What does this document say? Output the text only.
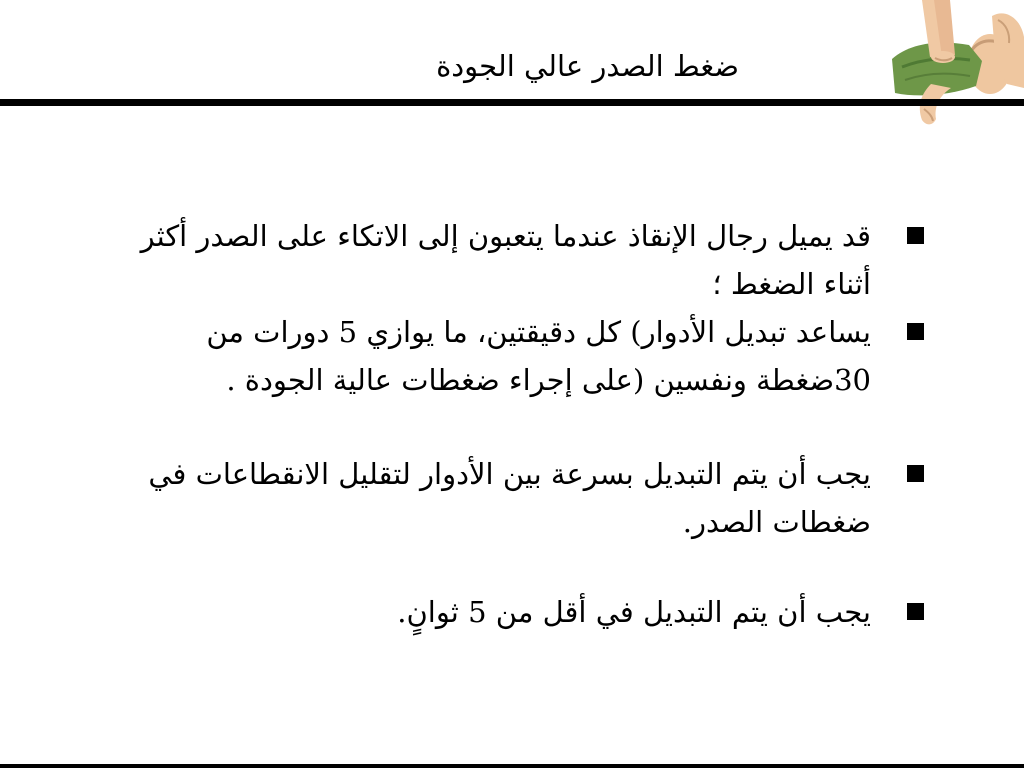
ضغط الصدر عالي الجودة
قد يميل رجال الإنقاذ عندما يتعبون إلى الاتكاء على الصدر أكثر أثناء الضغط ؛
يساعد تبديل الأدوار) كل دقيقتين، ما يوازي 5 دورات من 30ضغطة ونفسين (على إجراء ضغطات عالية الجودة .
يجب أن يتم التبديل بسرعة بين الأدوار لتقليل الانقطاعات في ضغطات الصدر.
يجب أن يتم التبديل في أقل من 5 ثوانٍ.
